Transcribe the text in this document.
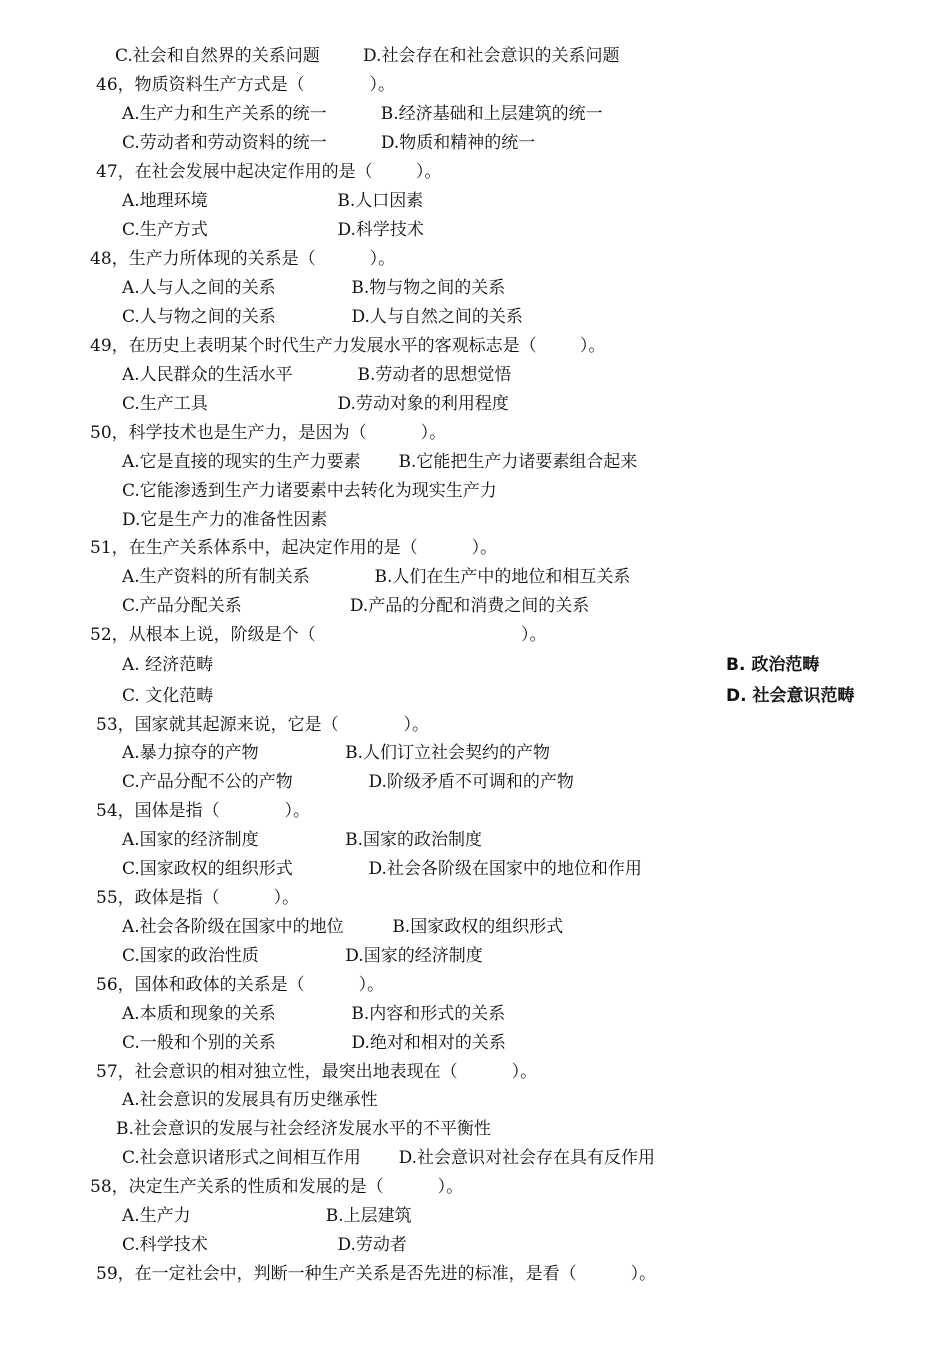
C.社会和自然界的关系问题        D.社会存在和社会意识的关系问题
46，物质资料生产方式是（            ）。
A.生产力和生产关系的统一          B.经济基础和上层建筑的统一
C.劳动者和劳动资料的统一          D.物质和精神的统一
47，在社会发展中起决定作用的是（        ）。
A.地理环境                        B.人口因素
C.生产方式                        D.科学技术
48，生产力所体现的关系是（          ）。
A.人与人之间的关系              B.物与物之间的关系
C.人与物之间的关系              D.人与自然之间的关系
49，在历史上表明某个时代生产力发展水平的客观标志是（        ）。
A.人民群众的生活水平            B.劳动者的思想觉悟
C.生产工具                        D.劳动对象的利用程度
50，科学技术也是生产力，是因为（          ）。
A.它是直接的现实的生产力要素       B.它能把生产力诸要素组合起来
C.它能渗透到生产力诸要素中去转化为现实生产力
D.它是生产力的准备性因素
51，在生产关系体系中，起决定作用的是（          ）。
A.生产资料的所有制关系            B.人们在生产中的地位和相互关系
C.产品分配关系                    D.产品的分配和消费之间的关系
52，从根本上说，阶级是个（                                      ）。
A. 经济范畴	B. 政治范畴
C. 文化范畴	D. 社会意识范畴
53，国家就其起源来说，它是（            ）。
A.暴力掠夺的产物                B.人们订立社会契约的产物
C.产品分配不公的产物              D.阶级矛盾不可调和的产物
54，国体是指（            ）。
A.国家的经济制度                B.国家的政治制度
C.国家政权的组织形式              D.社会各阶级在国家中的地位和作用
55，政体是指（          ）。
A.社会各阶级在国家中的地位         B.国家政权的组织形式
C.国家的政治性质                D.国家的经济制度
56，国体和政体的关系是（          ）。
A.本质和现象的关系              B.内容和形式的关系
C.一般和个别的关系              D.绝对和相对的关系
57，社会意识的相对独立性，最突出地表现在（          ）。
A.社会意识的发展具有历史继承性
B.社会意识的发展与社会经济发展水平的不平衡性
C.社会意识诸形式之间相互作用       D.社会意识对社会存在具有反作用
58，决定生产关系的性质和发展的是（          ）。
A.生产力                         B.上层建筑
C.科学技术                        D.劳动者
59，在一定社会中，判断一种生产关系是否先进的标准，是看（          ）。
